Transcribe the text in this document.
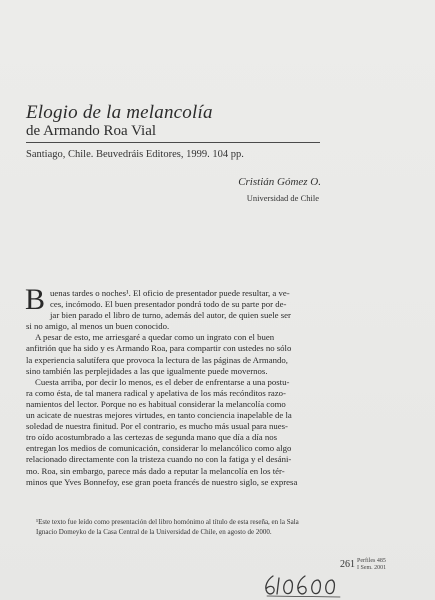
Elogio de la melancolía
de Armando Roa Vial
Santiago, Chile. Beuvedráis Editores, 1999. 104 pp.
Cristián Gómez O.
Universidad de Chile
B uenas tardes o noches¹. El oficio de presentador puede resultar, a ve-
ces, incómodo. El buen presentador pondrá todo de su parte por de-
jar bien parado el libro de turno, además del autor, de quien suele ser
si no amigo, al menos un buen conocido.
A pesar de esto, me arriesgaré a quedar como un ingrato con el buen
anfitrión que ha sido y es Armando Roa, para compartir con ustedes no sólo
la experiencia salutífera que provoca la lectura de las páginas de Armando,
sino también las perplejidades a las que igualmente puede movernos.
Cuesta arriba, por decir lo menos, es el deber de enfrentarse a una postu-
ra como ésta, de tal manera radical y apelativa de los más recónditos razo-
namientos del lector. Porque no es habitual considerar la melancolía como
un acicate de nuestras mejores virtudes, en tanto conciencia inapelable de la
soledad de nuestra finitud. Por el contrario, es mucho más usual para nues-
tro oído acostumbrado a las certezas de segunda mano que día a día nos
entregan los medios de comunicación, considerar lo melancólico como algo
relacionado directamente con la tristeza cuando no con la fatiga y el desáni-
mo. Roa, sin embargo, parece más dado a reputar la melancolía en los tér-
minos que Yves Bonnefoy, ese gran poeta francés de nuestro siglo, se expresa
¹Este texto fue leído como presentación del libro homónimo al título de esta reseña, en la Sala
Ignacio Domeyko de la Casa Central de la Universidad de Chile, en agosto de 2000.
261 Perfiles 485
I Sem. 2001
